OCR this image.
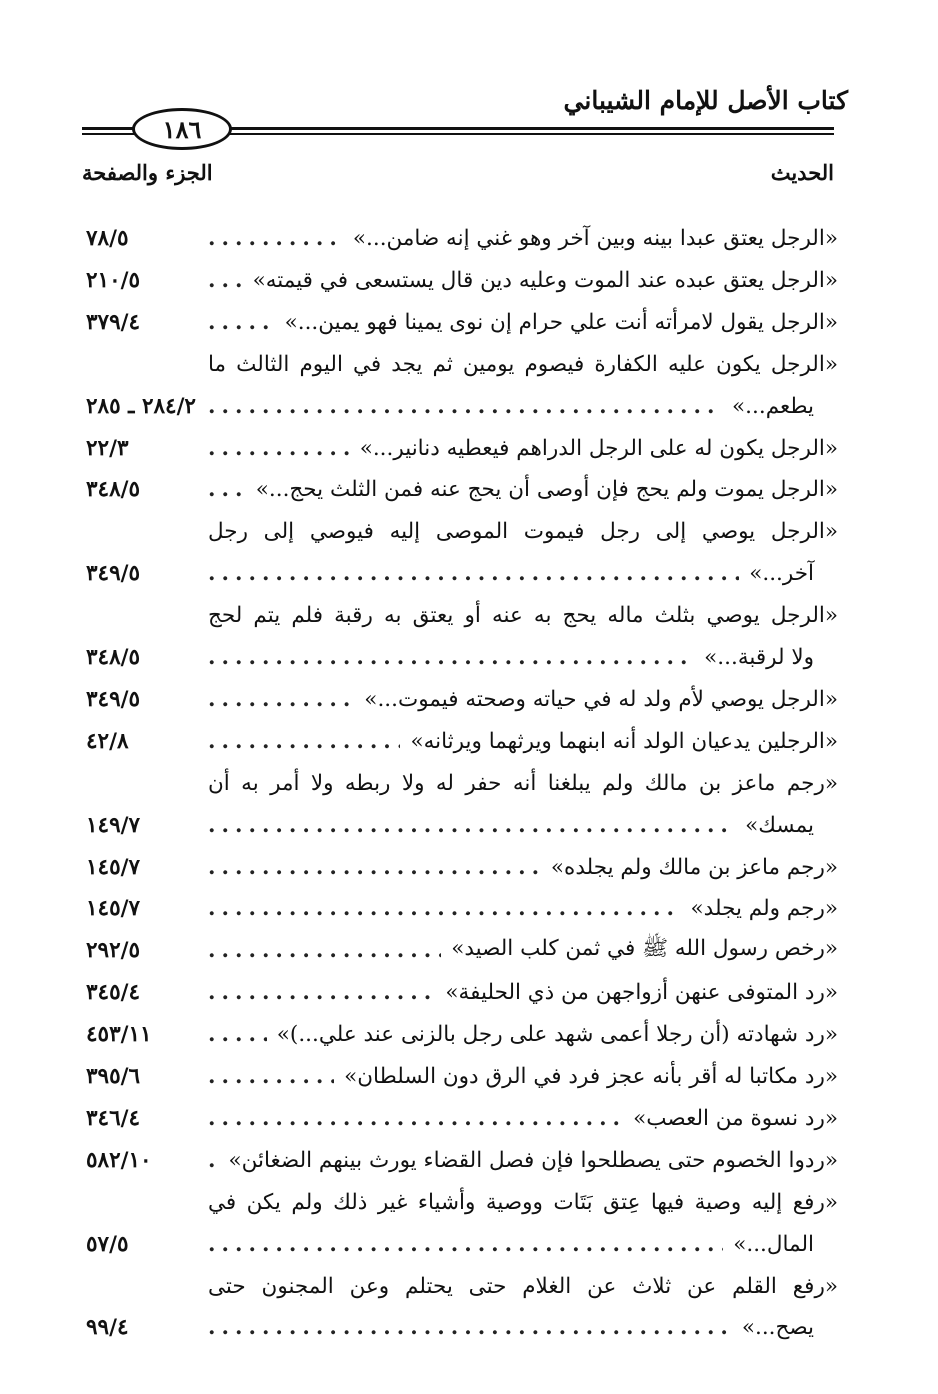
كتاب الأصل للإمام الشيباني
١٨٦
الحديث
الجزء والصفحة
«الرجل يعتق عبدا بينه وبين آخر وهو غني إنه ضامن...»
.....
٧٨/٥
«الرجل يعتق عبده عند الموت وعليه دين قال يستسعى في قيمته»
.....
٢١٠/٥
«الرجل يقول لامرأته أنت علي حرام إن نوى يمينا فهو يمين...»
.....
٣٧٩/٤
«الرجل يكون عليه الكفارة فيصوم يومين ثم يجد في اليوم الثالث ما
يطعم...»
.....
٢٨٤/٢ ـ ٢٨٥
«الرجل يكون له على الرجل الدراهم فيعطيه دنانير...»
.....
٢٢/٣
«الرجل يموت ولم يحج فإن أوصى أن يحج عنه فمن الثلث يحج...»
.....
٣٤٨/٥
«الرجل يوصي إلى رجل فيموت الموصى إليه فيوصي إلى رجل
آخر...»
.....
٣٤٩/٥
«الرجل يوصي بثلث ماله يحج به عنه أو يعتق به رقبة فلم يتم لحج
ولا لرقبة...»
.....
٣٤٨/٥
«الرجل يوصي لأم ولد له في حياته وصحته فيموت...»
.....
٣٤٩/٥
«الرجلين يدعيان الولد أنه ابنهما ويرثهما ويرثانه»
.....
٤٢/٨
«رجم ماعز بن مالك ولم يبلغنا أنه حفر له ولا ربطه ولا أمر به أن
يمسك»
.....
١٤٩/٧
«رجم ماعز بن مالك ولم يجلده»
.....
١٤٥/٧
«رجم ولم يجلد»
.....
١٤٥/٧
«رخص رسول الله ﷺ في ثمن كلب الصيد»
.....
٢٩٢/٥
«رد المتوفى عنهن أزواجهن من ذي الحليفة»
.....
٣٤٥/٤
«رد شهادته (أن رجلا أعمى شهد على رجل بالزنى عند علي...)»
.....
٤٥٣/١١
«رد مكاتبا له أقر بأنه عجز فرد في الرق دون السلطان»
.....
٣٩٥/٦
«رد نسوة من العصب»
.....
٣٤٦/٤
«ردوا الخصوم حتى يصطلحوا فإن فصل القضاء يورث بينهم الضغائن»
.....
٥٨٢/١٠
«رفع إليه وصية فيها عِتق بَتَات ووصية وأشياء غير ذلك ولم يكن في
المال...»
.....
٥٧/٥
«رفع القلم عن ثلاث عن الغلام حتى يحتلم وعن المجنون حتى
يصح...»
.....
٩٩/٤
